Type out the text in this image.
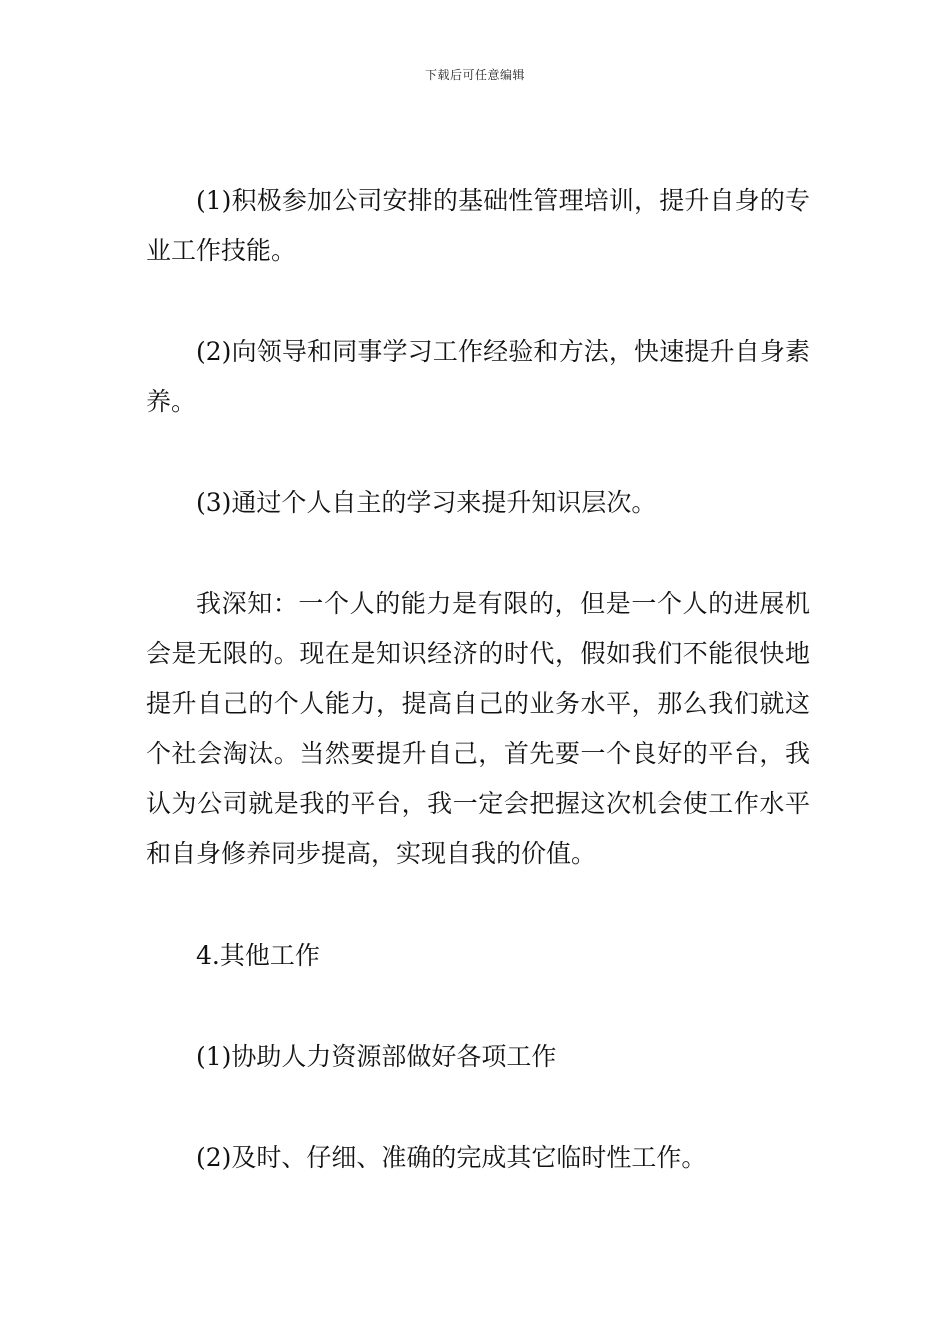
下载后可任意编辑

(1)积极参加公司安排的基础性管理培训，提升自身的专业工作技能。

(2)向领导和同事学习工作经验和方法，快速提升自身素养。

(3)通过个人自主的学习来提升知识层次。

我深知：一个人的能力是有限的，但是一个人的进展机会是无限的。现在是知识经济的时代，假如我们不能很快地提升自己的个人能力，提高自己的业务水平，那么我们就这个社会淘汰。当然要提升自己，首先要一个良好的平台，我认为公司就是我的平台，我一定会把握这次机会使工作水平和自身修养同步提高，实现自我的价值。

4.其他工作

(1)协助人力资源部做好各项工作

(2)及时、仔细、准确的完成其它临时性工作。
